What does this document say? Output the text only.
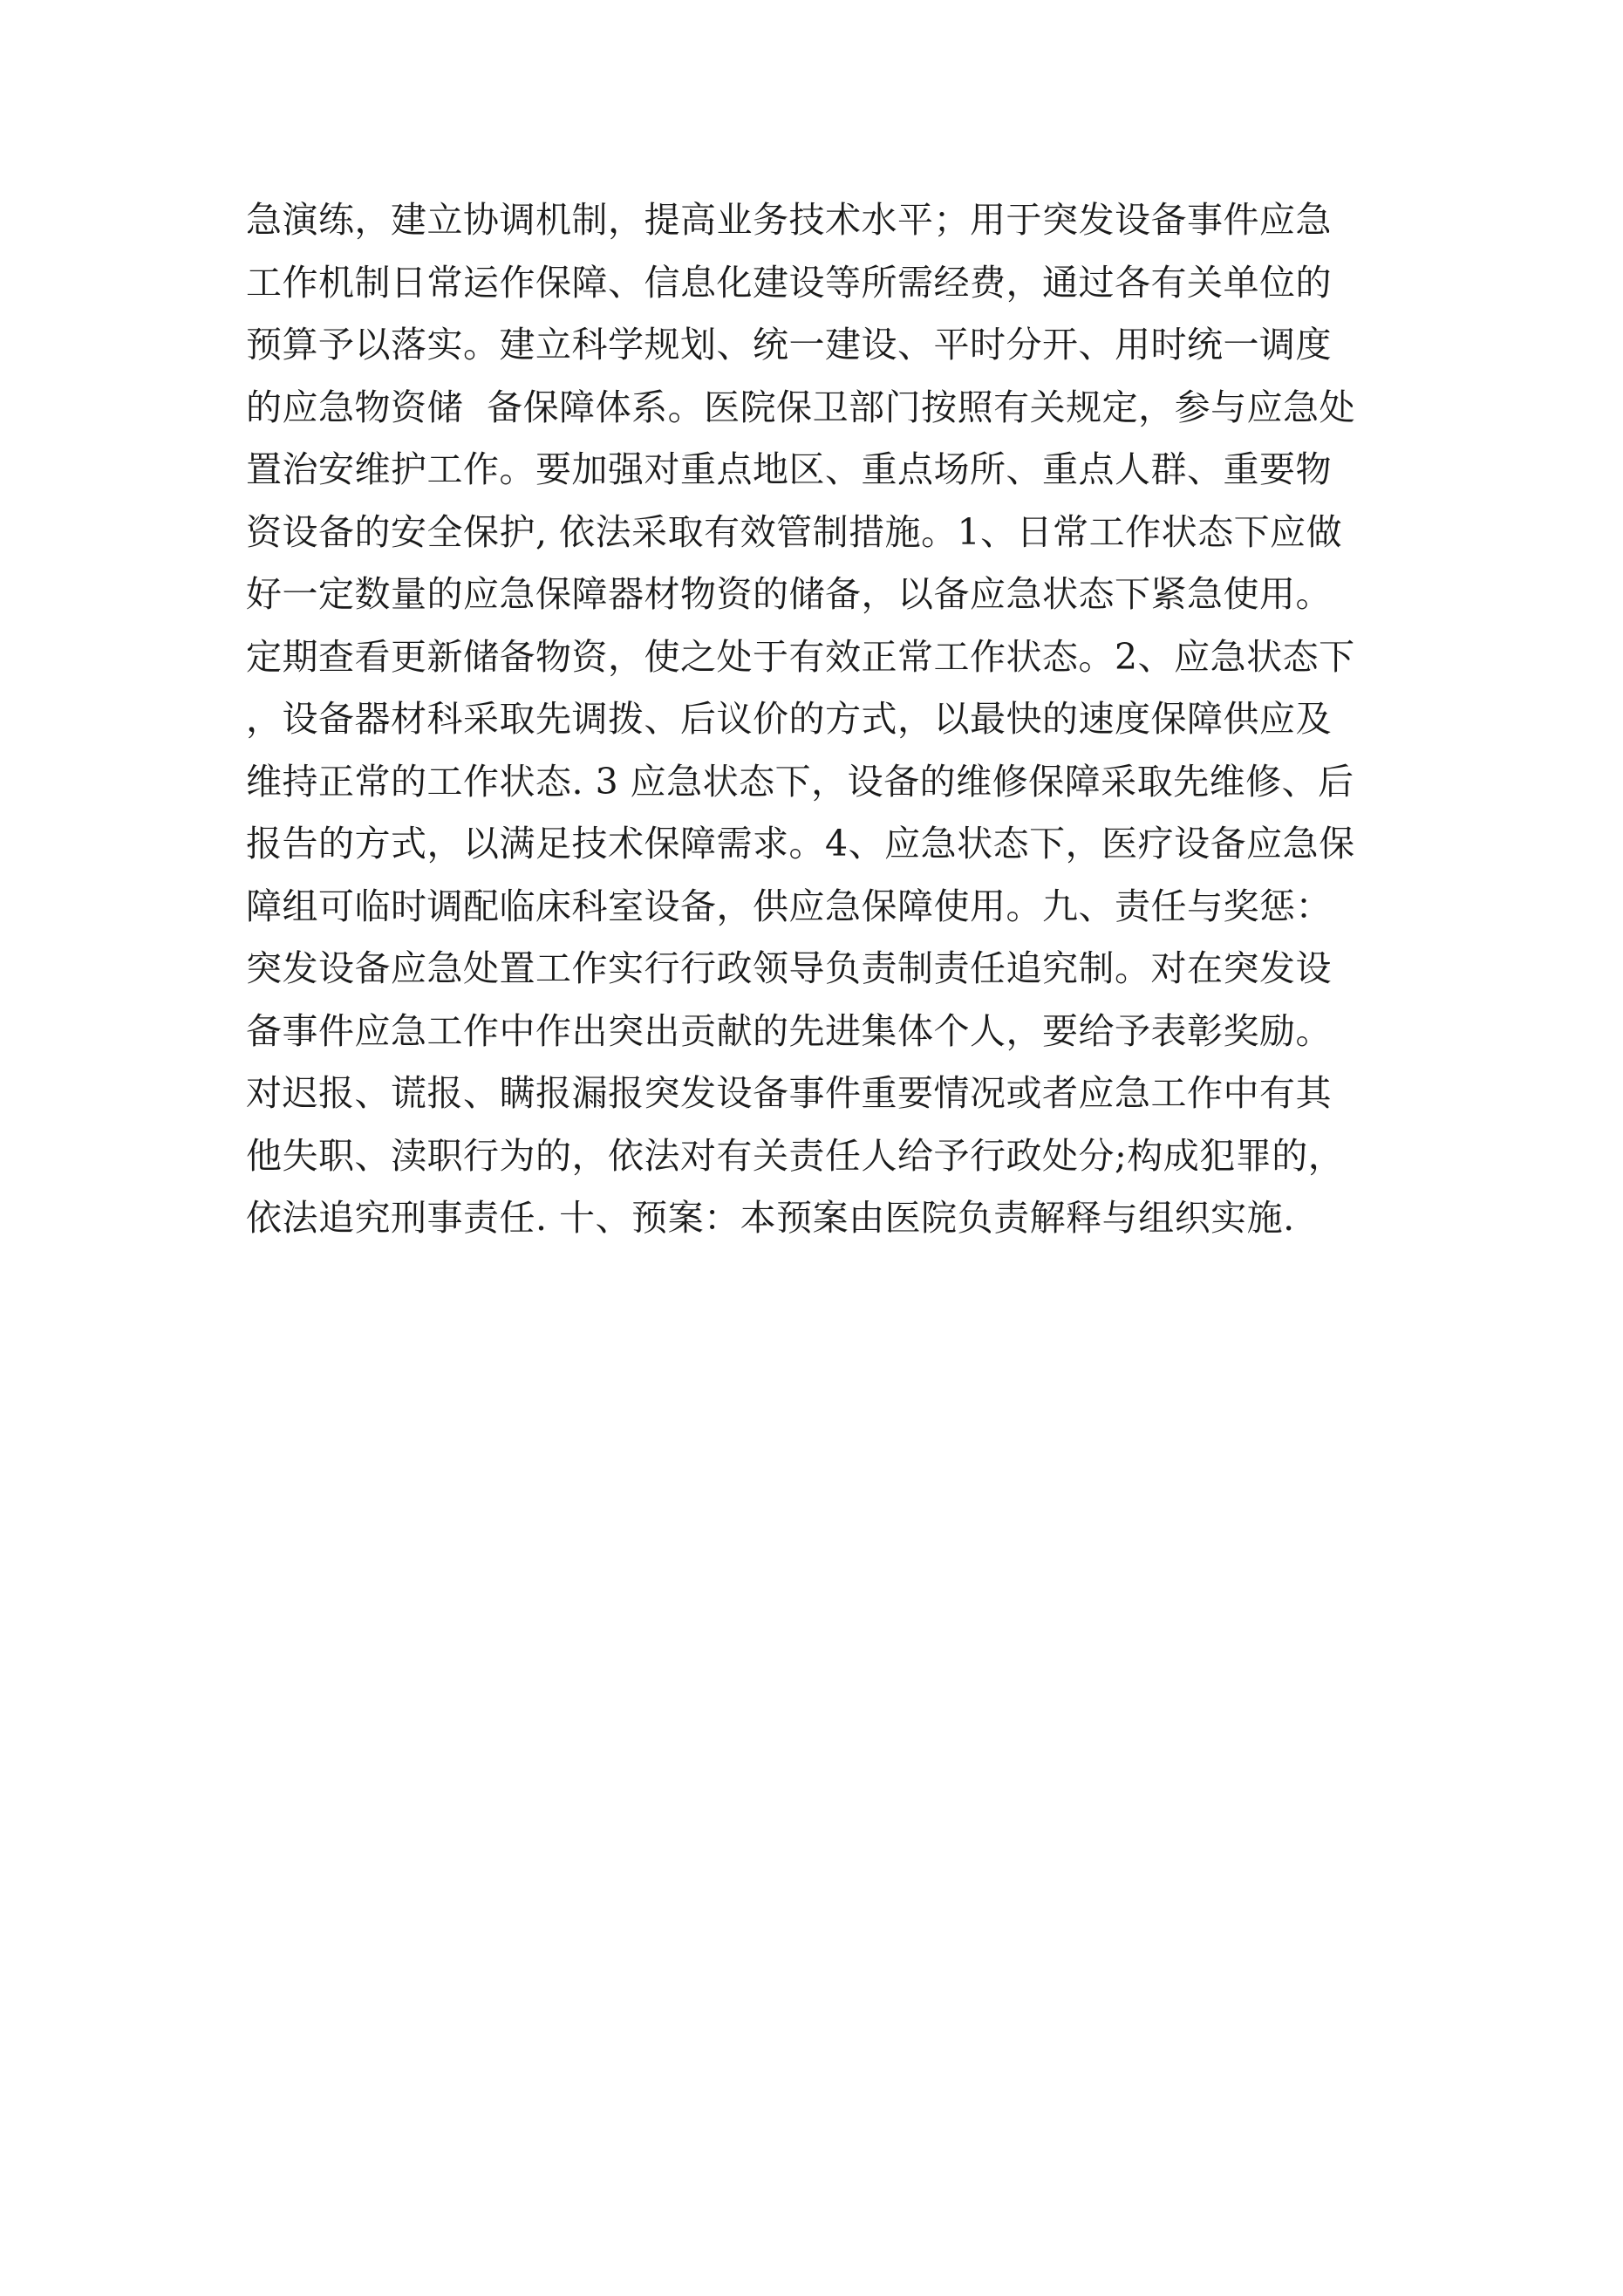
急演练，建立协调机制，提高业务技术水平；用于突发设备事件应急
工作机制日常运作保障、信息化建设等所需经费，通过各有关单位的
预算予以落实。建立科学规划、统一建设、平时分开、用时统一调度
的应急物资储  备保障体系。医院保卫部门按照有关规定，参与应急处
置治安维护工作。要加强对重点地区、重点场所、重点人群、重要物
资设备的安全保护, 依法采取有效管制措施。1、日常工作状态下应做
好一定数量的应急保障器材物资的储备，以备应急状态下紧急使用。
定期查看更新储备物资，使之处于有效正常工作状态。2、应急状态下
，设备器材科采取先调拨、后议价的方式，以最快的速度保障供应及
维持正常的工作状态. 3 应急状态下，设备的维修保障采取先维修、后
报告的方式，以满足技术保障需求。4、应急状态下，医疗设备应急保
障组可临时调配临床科室设备，供应急保障使用。九、责任与奖惩：
突发设备应急处置工作实行行政领导负责制责任追究制。对在突发设
备事件应急工作中作出突出贡献的先进集体个人，要给予表彰奖励。
对迟报、谎报、瞒报漏报突发设备事件重要情况或者应急工作中有其
他失职、渎职行为的，依法对有关责任人给予行政处分;构成犯罪的，
依法追究刑事责任. 十、预案：本预案由医院负责解释与组织实施.
